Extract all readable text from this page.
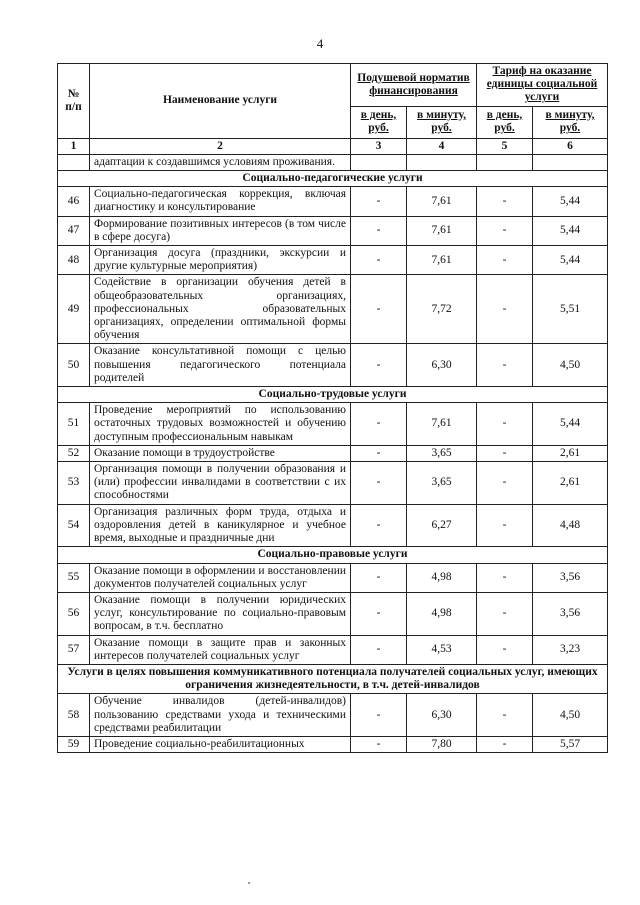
4
№ п/п	Наименование услуги	Подушевой норматив финансирования		Тариф на оказание единицы социальной услуги	
		в день, руб.	в минуту, руб.	в день, руб.	в минуту, руб.
1	2	3	4	5	6
	адаптации к создавшимся условиям проживания.				
Социально-педагогические услуги					
46	Социально-педагогическая коррекция, включая диагностику и консультирование	-	7,61	-	5,44
47	Формирование позитивных интересов (в том числе в сфере досуга)	-	7,61	-	5,44
48	Организация досуга (праздники, экскурсии и другие культурные мероприятия)	-	7,61	-	5,44
49	Содействие в организации обучения детей в общеобразовательных организациях, профессиональных образовательных организациях, определении оптимальной формы обучения	-	7,72	-	5,51
50	Оказание консультативной помощи с целью повышения педагогического потенциала родителей	-	6,30	-	4,50
Социально-трудовые услуги					
51	Проведение мероприятий по использованию остаточных трудовых возможностей и обучению доступным профессиональным навыкам	-	7,61	-	5,44
52	Оказание помощи в трудоустройстве	-	3,65	-	2,61
53	Организация помощи в получении образования и (или) профессии инвалидами в соответствии с их способностями	-	3,65	-	2,61
54	Организация различных форм труда, отдыха и оздоровления детей в каникулярное и учебное время, выходные и праздничные дни	-	6,27	-	4,48
Социально-правовые услуги					
55	Оказание помощи в оформлении и восстановлении документов получателей социальных услуг	-	4,98	-	3,56
56	Оказание помощи в получении юридических услуг, консультирование по социально-правовым вопросам, в т.ч. бесплатно	-	4,98	-	3,56
57	Оказание помощи в защите прав и законных интересов получателей социальных услуг	-	4,53	-	3,23
Услуги в целях повышения коммуникативного потенциала получателей социальных услуг, имеющих ограничения жизнедеятельности, в т.ч. детей-инвалидов					
58	Обучение инвалидов (детей-инвалидов) пользованию средствами ухода и техническими средствами реабилитации	-	6,30	-	4,50
59	Проведение социально-реабилитационных	-	7,80	-	5,57
